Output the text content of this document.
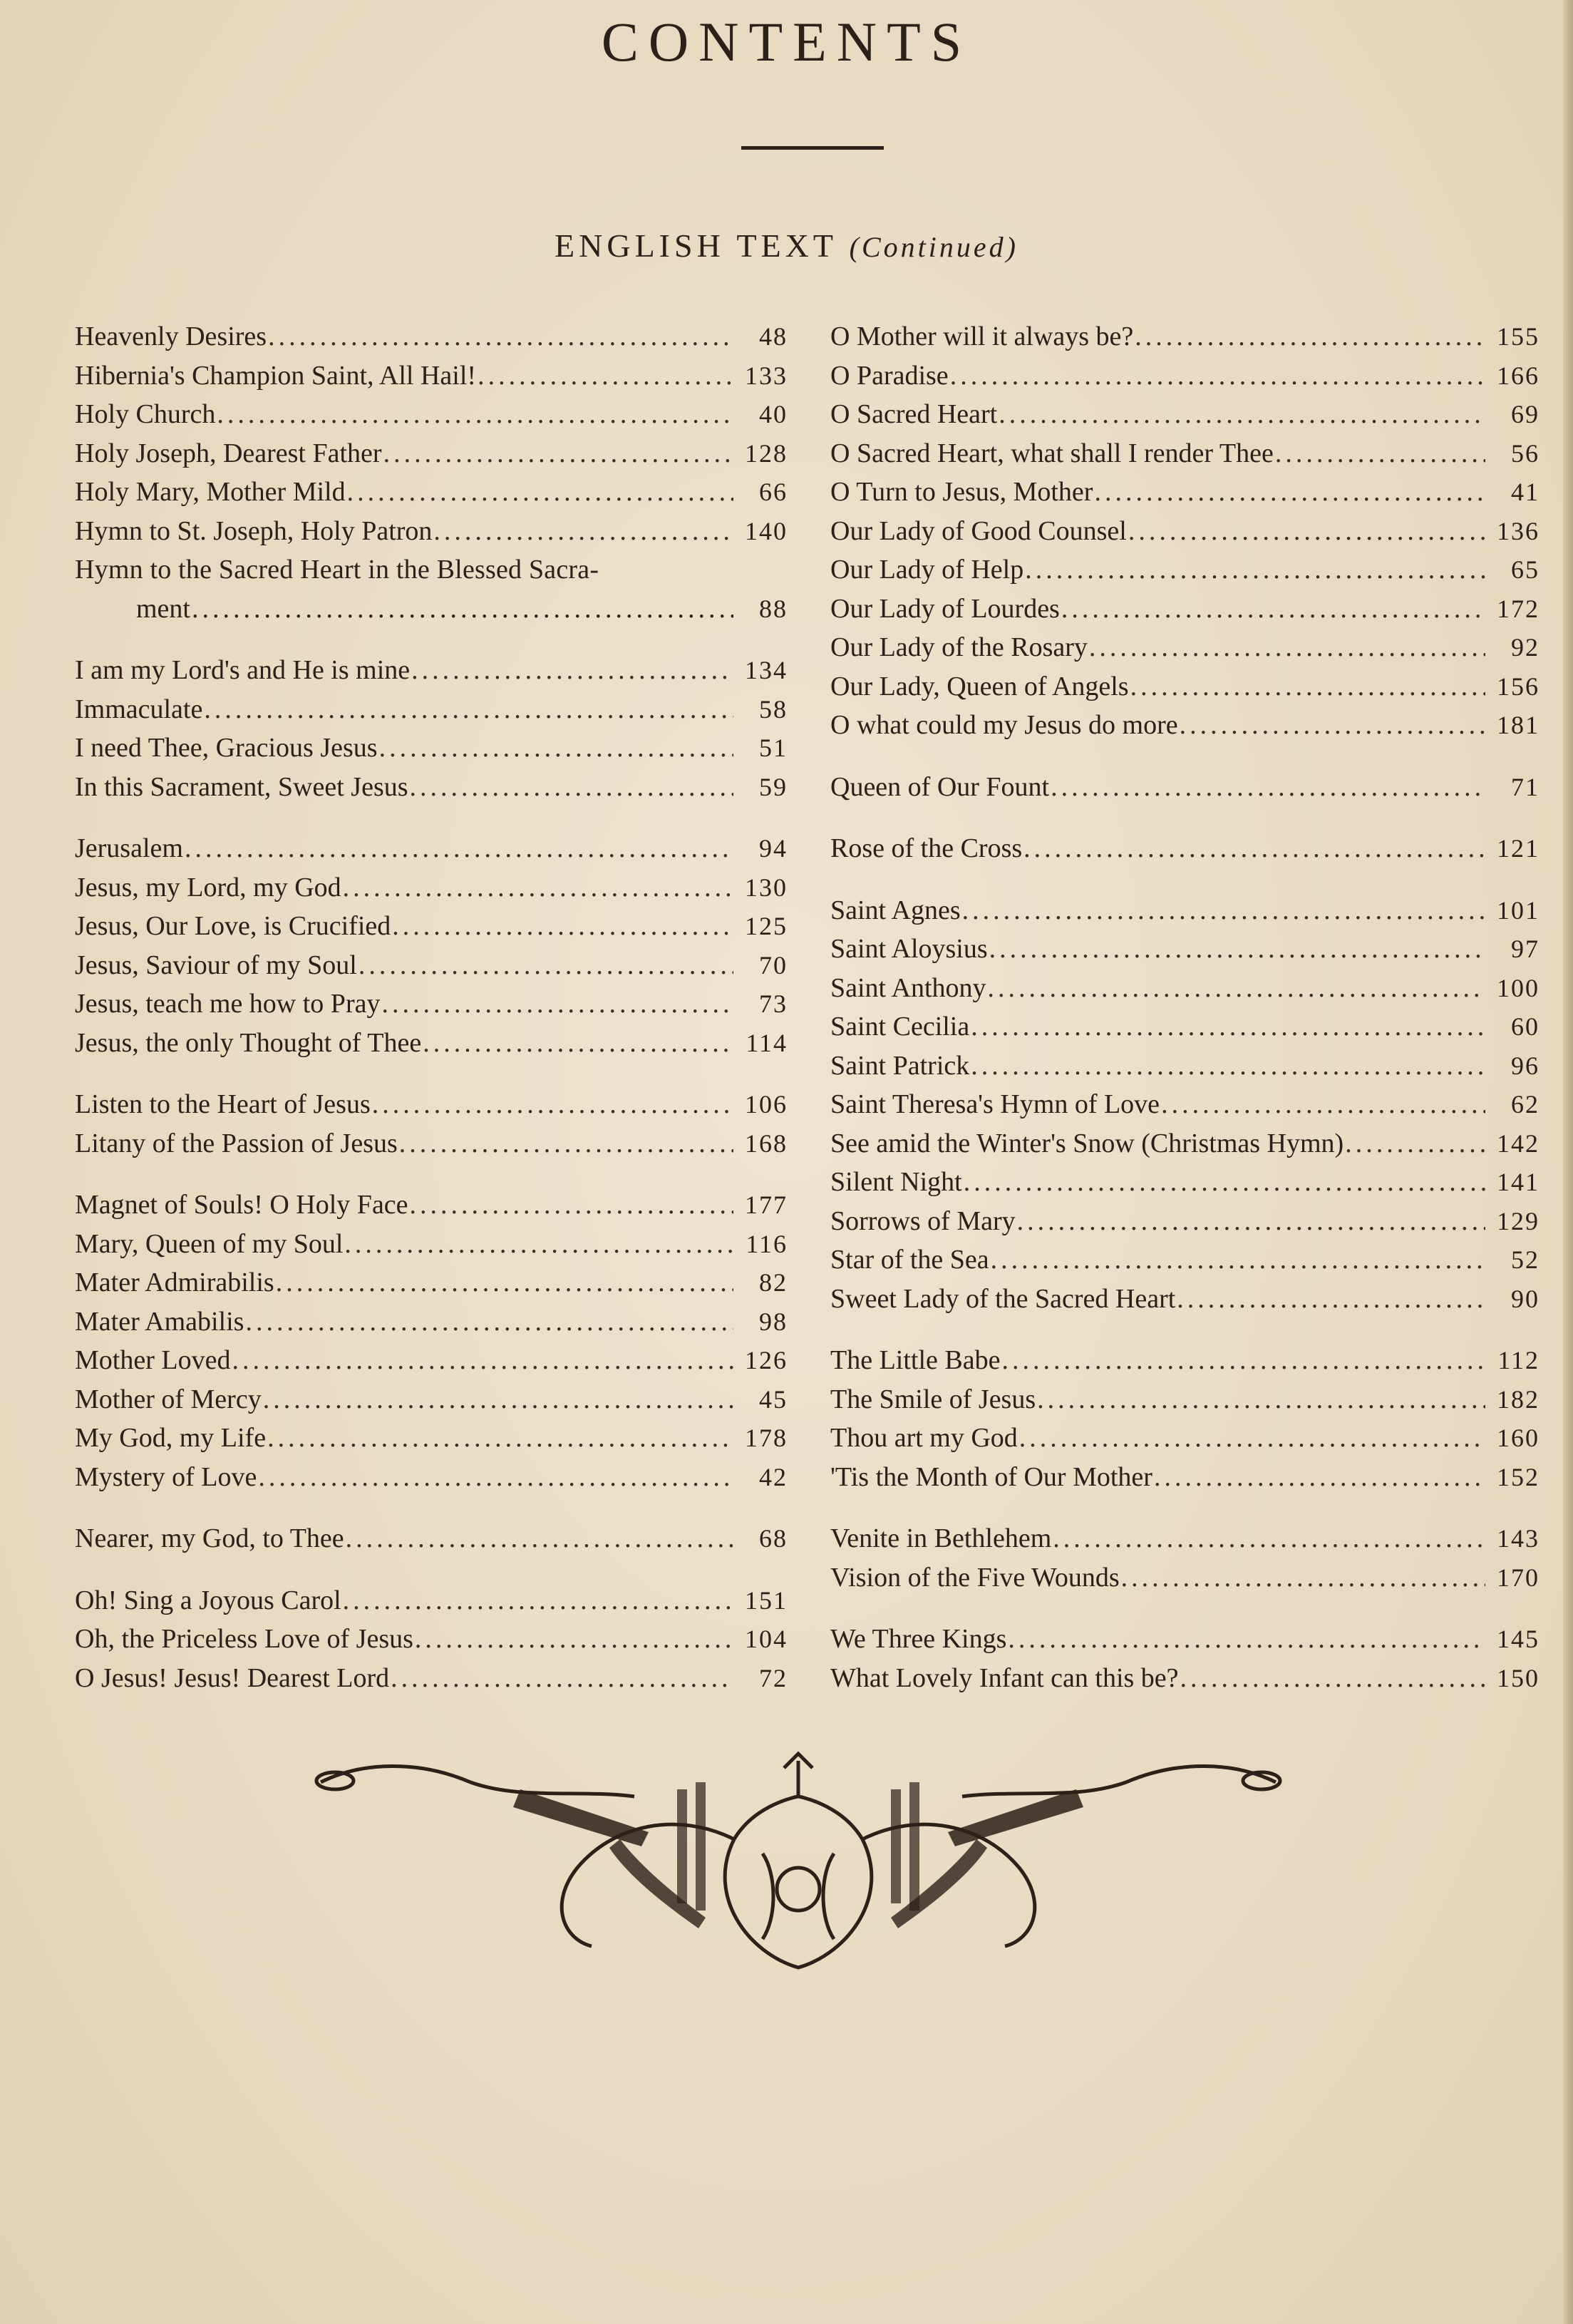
CONTENTS
ENGLISH TEXT (Continued)
Heavenly Desires .....	48
Hibernia's Champion Saint, All Hail! .....	133
Holy Church .....	40
Holy Joseph, Dearest Father .....	128
Holy Mary, Mother Mild .....	66
Hymn to St. Joseph, Holy Patron .....	140
Hymn to the Sacred Heart in the Blessed Sacra-
ment .....	88
I am my Lord's and He is mine .....	134
Immaculate .....	58
I need Thee, Gracious Jesus .....	51
In this Sacrament, Sweet Jesus .....	59
Jerusalem .....	94
Jesus, my Lord, my God .....	130
Jesus, Our Love, is Crucified .....	125
Jesus, Saviour of my Soul .....	70
Jesus, teach me how to Pray .....	73
Jesus, the only Thought of Thee .....	114
Listen to the Heart of Jesus .....	106
Litany of the Passion of Jesus .....	168
Magnet of Souls! O Holy Face .....	177
Mary, Queen of my Soul .....	116
Mater Admirabilis .....	82
Mater Amabilis .....	98
Mother Loved .....	126
Mother of Mercy .....	45
My God, my Life .....	178
Mystery of Love .....	42
Nearer, my God, to Thee .....	68
Oh! Sing a Joyous Carol .....	151
Oh, the Priceless Love of Jesus .....	104
O Jesus! Jesus! Dearest Lord .....	72
O Mother will it always be? .....	155
O Paradise .....	166
O Sacred Heart .....	69
O Sacred Heart, what shall I render Thee .....	56
O Turn to Jesus, Mother .....	41
Our Lady of Good Counsel .....	136
Our Lady of Help .....	65
Our Lady of Lourdes .....	172
Our Lady of the Rosary .....	92
Our Lady, Queen of Angels .....	156
O what could my Jesus do more .....	181
Queen of Our Fount .....	71
Rose of the Cross .....	121
Saint Agnes .....	101
Saint Aloysius .....	97
Saint Anthony .....	100
Saint Cecilia .....	60
Saint Patrick .....	96
Saint Theresa's Hymn of Love .....	62
See amid the Winter's Snow (Christmas Hymn) .....	142
Silent Night .....	141
Sorrows of Mary .....	129
Star of the Sea .....	52
Sweet Lady of the Sacred Heart .....	90
The Little Babe .....	112
The Smile of Jesus .....	182
Thou art my God .....	160
'Tis the Month of Our Mother .....	152
Venite in Bethlehem .....	143
Vision of the Five Wounds .....	170
We Three Kings .....	145
What Lovely Infant can this be? .....	150
